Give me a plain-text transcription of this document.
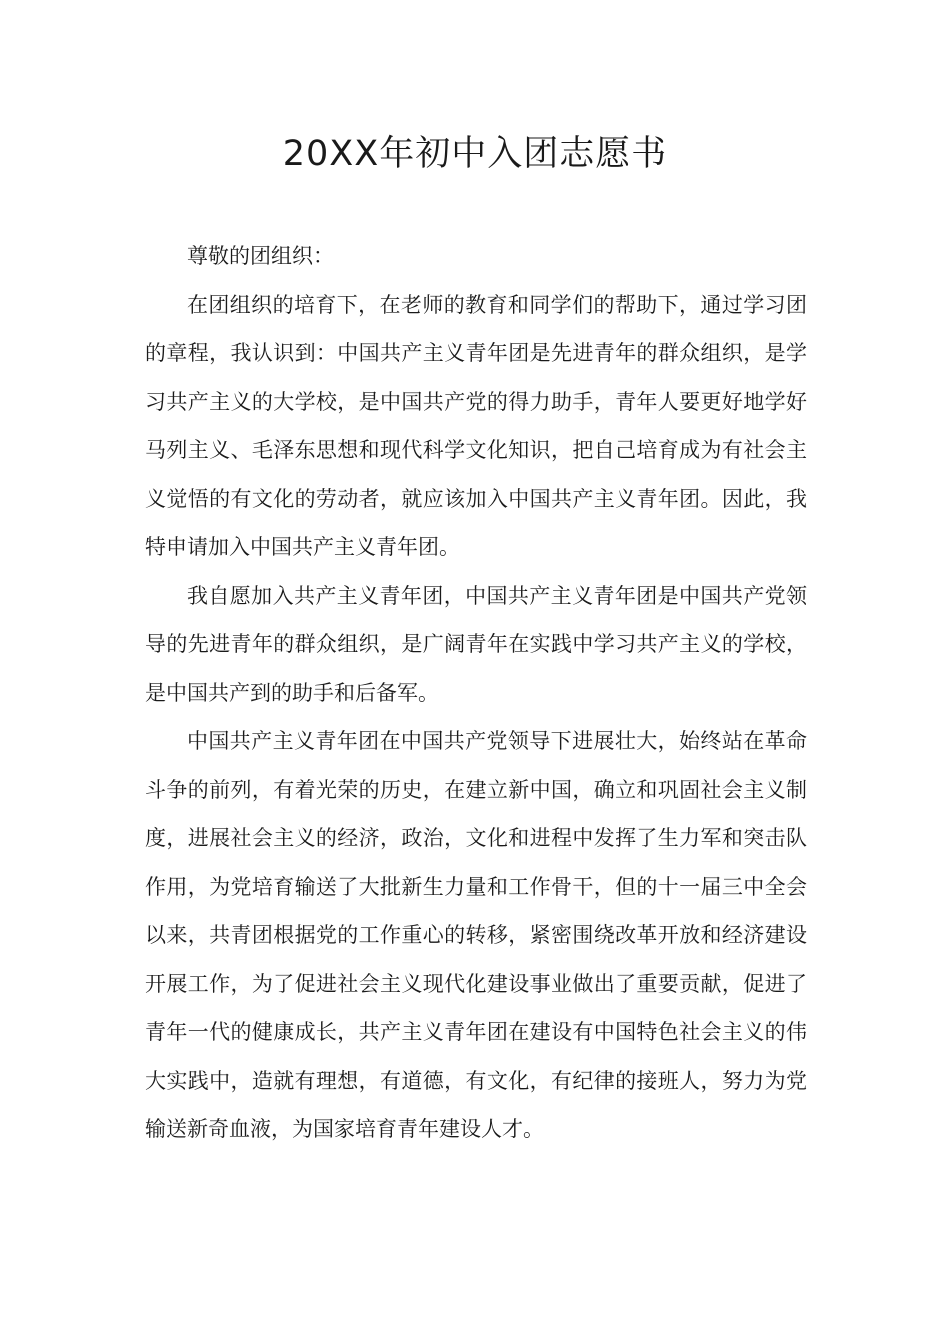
20XX年初中入团志愿书

尊敬的团组织：

在团组织的培育下，在老师的教育和同学们的帮助下，通过学习团的章程，我认识到：中国共产主义青年团是先进青年的群众组织，是学习共产主义的大学校，是中国共产党的得力助手，青年人要更好地学好马列主义、毛泽东思想和现代科学文化知识，把自己培育成为有社会主义觉悟的有文化的劳动者，就应该加入中国共产主义青年团。因此，我特申请加入中国共产主义青年团。

我自愿加入共产主义青年团，中国共产主义青年团是中国共产党领导的先进青年的群众组织，是广阔青年在实践中学习共产主义的学校，是中国共产到的助手和后备军。

中国共产主义青年团在中国共产党领导下进展壮大，始终站在革命斗争的前列，有着光荣的历史，在建立新中国，确立和巩固社会主义制度，进展社会主义的经济，政治，文化和进程中发挥了生力军和突击队作用，为党培育输送了大批新生力量和工作骨干，但的十一届三中全会以来，共青团根据党的工作重心的转移，紧密围绕改革开放和经济建设开展工作，为了促进社会主义现代化建设事业做出了重要贡献，促进了青年一代的健康成长，共产主义青年团在建设有中国特色社会主义的伟大实践中，造就有理想，有道德，有文化，有纪律的接班人，努力为党输送新奇血液，为国家培育青年建设人才。
